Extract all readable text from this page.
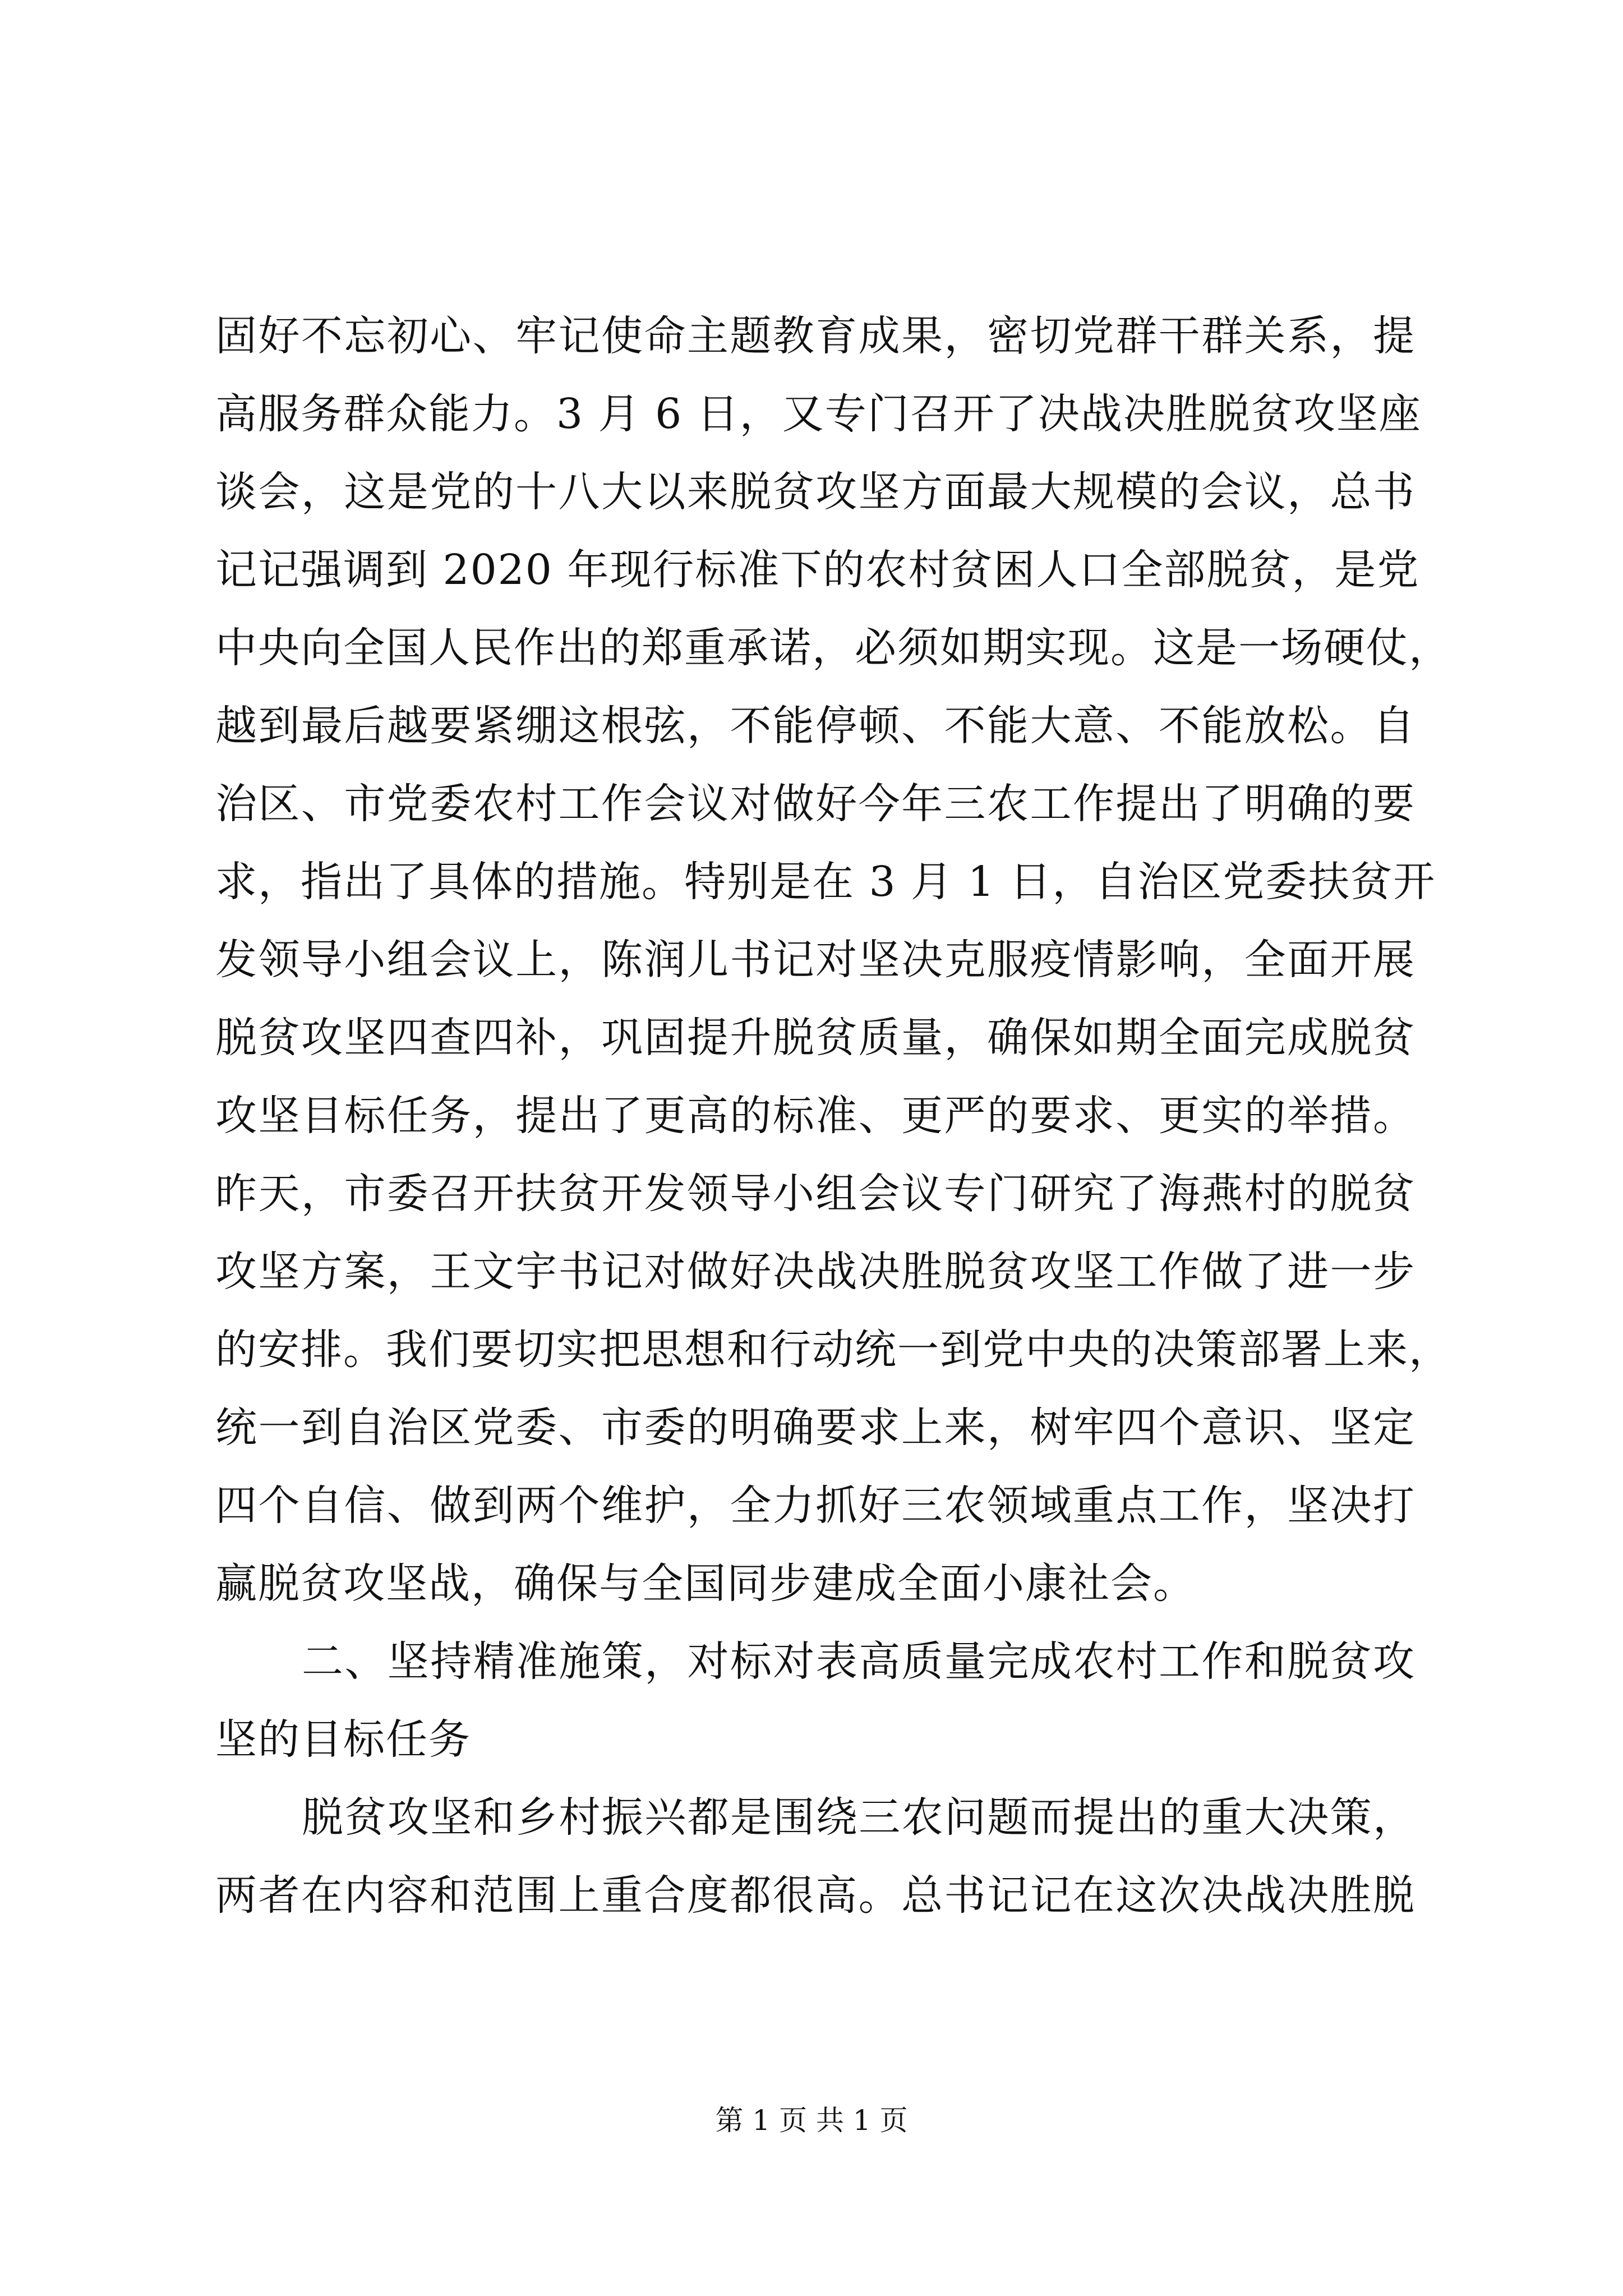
固好不忘初心、牢记使命主题教育成果，密切党群干群关系，提
高服务群众能力。3 月 6 日，又专门召开了决战决胜脱贫攻坚座
谈会，这是党的十八大以来脱贫攻坚方面最大规模的会议，总书
记记强调到 2020 年现行标准下的农村贫困人口全部脱贫，是党
中央向全国人民作出的郑重承诺，必须如期实现。这是一场硬仗，
越到最后越要紧绷这根弦，不能停顿、不能大意、不能放松。自
治区、市党委农村工作会议对做好今年三农工作提出了明确的要
求，指出了具体的措施。特别是在 3 月 1 日，自治区党委扶贫开
发领导小组会议上，陈润儿书记对坚决克服疫情影响，全面开展
脱贫攻坚四查四补，巩固提升脱贫质量，确保如期全面完成脱贫
攻坚目标任务，提出了更高的标准、更严的要求、更实的举措。
昨天，市委召开扶贫开发领导小组会议专门研究了海燕村的脱贫
攻坚方案，王文宇书记对做好决战决胜脱贫攻坚工作做了进一步
的安排。我们要切实把思想和行动统一到党中央的决策部署上来，
统一到自治区党委、市委的明确要求上来，树牢四个意识、坚定
四个自信、做到两个维护，全力抓好三农领域重点工作，坚决打
赢脱贫攻坚战，确保与全国同步建成全面小康社会。
二、坚持精准施策，对标对表高质量完成农村工作和脱贫攻
坚的目标任务
脱贫攻坚和乡村振兴都是围绕三农问题而提出的重大决策，
两者在内容和范围上重合度都很高。总书记记在这次决战决胜脱
第 1 页 共 1 页
